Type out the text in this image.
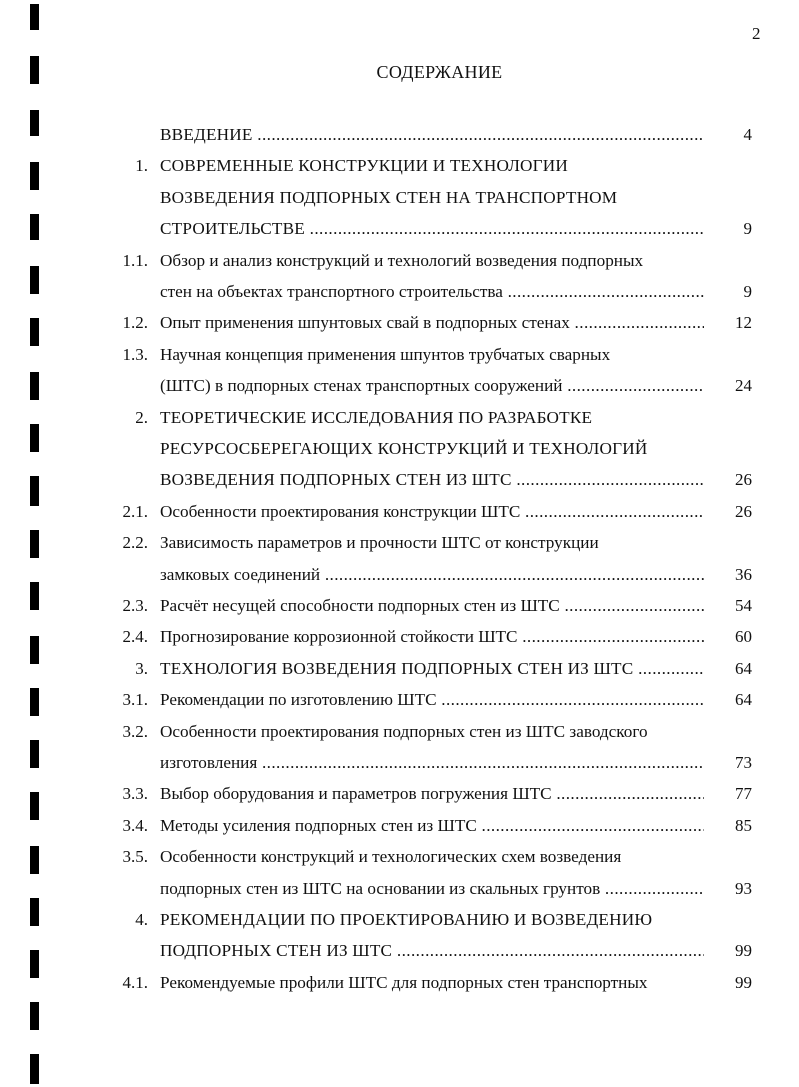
2
СОДЕРЖАНИЕ
ВВЕДЕНИЕ .....	4
1. СОВРЕМЕННЫЕ КОНСТРУКЦИИ И ТЕХНОЛОГИИ
ВОЗВЕДЕНИЯ ПОДПОРНЫХ СТЕН НА ТРАНСПОРТНОМ
СТРОИТЕЛЬСТВЕ .....	9
1.1. Обзор и анализ конструкций и технологий возведения подпорных
стен на объектах транспортного строительства .....	9
1.2. Опыт применения шпунтовых свай в подпорных стенах .....	12
1.3. Научная концепция применения шпунтов трубчатых сварных
(ШТС) в подпорных стенах транспортных сооружений .....	24
2. ТЕОРЕТИЧЕСКИЕ ИССЛЕДОВАНИЯ ПО РАЗРАБОТКЕ
РЕСУРСОСБЕРЕГАЮЩИХ КОНСТРУКЦИЙ И ТЕХНОЛОГИЙ
ВОЗВЕДЕНИЯ ПОДПОРНЫХ СТЕН ИЗ ШТС .....	26
2.1. Особенности проектирования конструкции ШТС .....	26
2.2. Зависимость параметров и прочности ШТС от конструкции
замковых соединений .....	36
2.3. Расчёт несущей способности подпорных стен из ШТС .....	54
2.4. Прогнозирование коррозионной стойкости ШТС .....	60
3. ТЕХНОЛОГИЯ ВОЗВЕДЕНИЯ ПОДПОРНЫХ СТЕН ИЗ ШТС .....	64
3.1. Рекомендации по изготовлению ШТС .....	64
3.2. Особенности проектирования подпорных стен из ШТС заводского
изготовления .....	73
3.3. Выбор оборудования и параметров погружения ШТС .....	77
3.4. Методы усиления подпорных стен из ШТС .....	85
3.5. Особенности конструкций и технологических схем возведения
подпорных стен из ШТС на основании из скальных грунтов .....	93
4. РЕКОМЕНДАЦИИ ПО ПРОЕКТИРОВАНИЮ И ВОЗВЕДЕНИЮ
ПОДПОРНЫХ СТЕН ИЗ ШТС .....	99
4.1. Рекомендуемые профили ШТС для подпорных стен транспортных	99
